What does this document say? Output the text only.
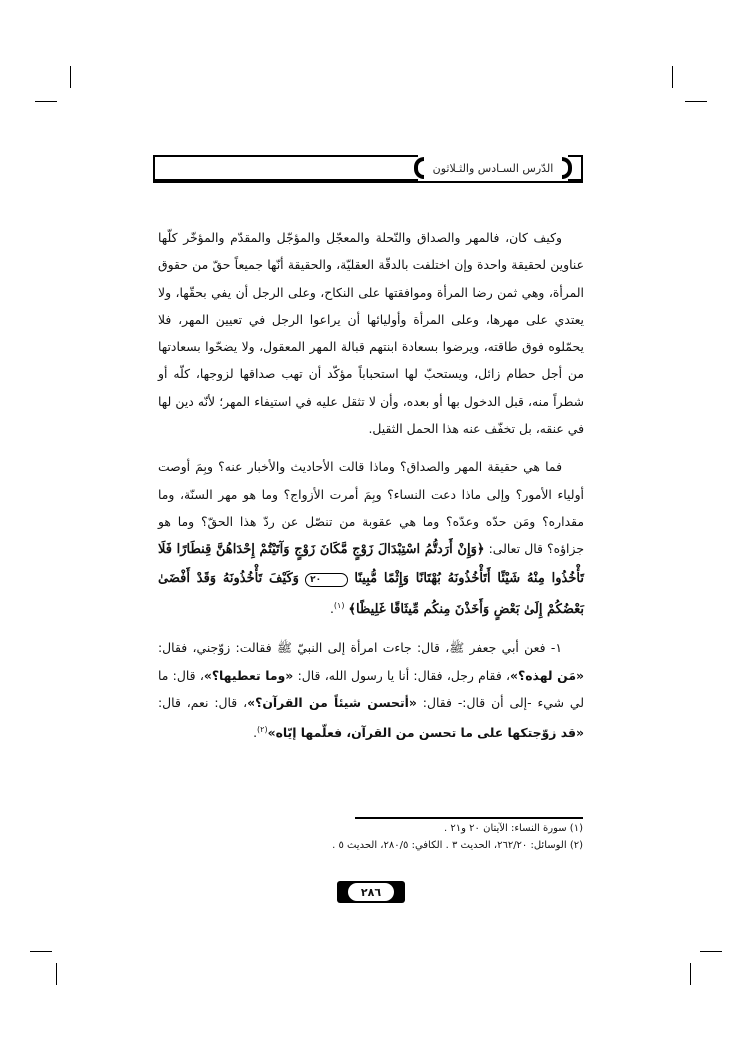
الدّرس السـادس والثـلاثون

وكيف كان، فالمهر والصداق والنّحلة والمعجّل والمؤجّل والمقدّم والمؤخّر كلّها عناوين لحقيقة واحدة وإن اختلفت بالدقّة العقليّة، والحقيقة أنّها جميعاً حقّ من حقوق المرأة، وهي ثمن رضا المرأة وموافقتها على النكاح، وعلى الرجل أن يفي بحقّها، ولا يعتدي على مهرها، وعلى المرأة وأوليائها أن يراعوا الرجل في تعيين المهر، فلا يحمّلوه فوق طاقته، ويرضوا بسعادة ابنتهم قبالة المهر المعقول، ولا يضحّوا بسعادتها من أجل حطام زائل، ويستحبّ لها استحباباً مؤكّد أن تهب صداقها لزوجها، كلّه أو شطراً منه، قبل الدخول بها أو بعده، وأن لا تثقل عليه في استيفاء المهر؛ لأنّه دين لها في عنقه، بل تخفّف عنه هذا الحمل الثقيل.

فما هي حقيقة المهر والصداق؟ وماذا قالت الأحاديث والأخبار عنه؟ وبِمَ أوصت أولياء الأمور؟ وإلى ماذا دعت النساء؟ وبِمَ أمرت الأزواج؟ وما هو مهر السنّة، وما مقداره؟ ومَن حدّه وعدّه؟ وما هي عقوبة من تنصّل عن ردّ هذا الحقّ؟ وما هو جزاؤه؟ قال تعالى: ﴿وَإِنْ أَرَدتُّمُ اسْتِبْدَالَ زَوْجٍ مَّكَانَ زَوْجٍ وَآتَيْتُمْ إِحْدَاهُنَّ قِنطَارًا فَلَا تَأْخُذُوا مِنْهُ شَيْئًا أَتَأْخُذُونَهُ بُهْتَانًا وَإِثْمًا مُّبِينًا ٢٠ وَكَيْفَ تَأْخُذُونَهُ وَقَدْ أَفْضَىٰ بَعْضُكُمْ إِلَىٰ بَعْضٍ وَأَخَذْنَ مِنكُم مِّيثَاقًا غَلِيظًا﴾ $^{(١)}$.

١- فعن أبي جعفر ﷺ، قال: جاءت امرأة إلى النبيّ ﷺ فقالت: زوّجني، فقال: «مَن لهذه؟»، فقام رجل، فقال: أنا يا رسول الله، قال: «وما تعطيها؟»، قال: ما لي شيء -إلى أن قال:- فقال: «أتحسن شيئاً من القرآن؟»، قال: نعم، قال: «قد زوّجتكها على ما تحسن من القرآن، فعلّمها إيّاه»$^{(٢)}$.

(١) سورة النساء: الآيتان ٢٠ و٢١ .
(٢) الوسائل: ٢٦٢/٢٠، الحديث ٣ . الكافي: ٢٨٠/٥، الحديث ٥ .
٢٨٦
